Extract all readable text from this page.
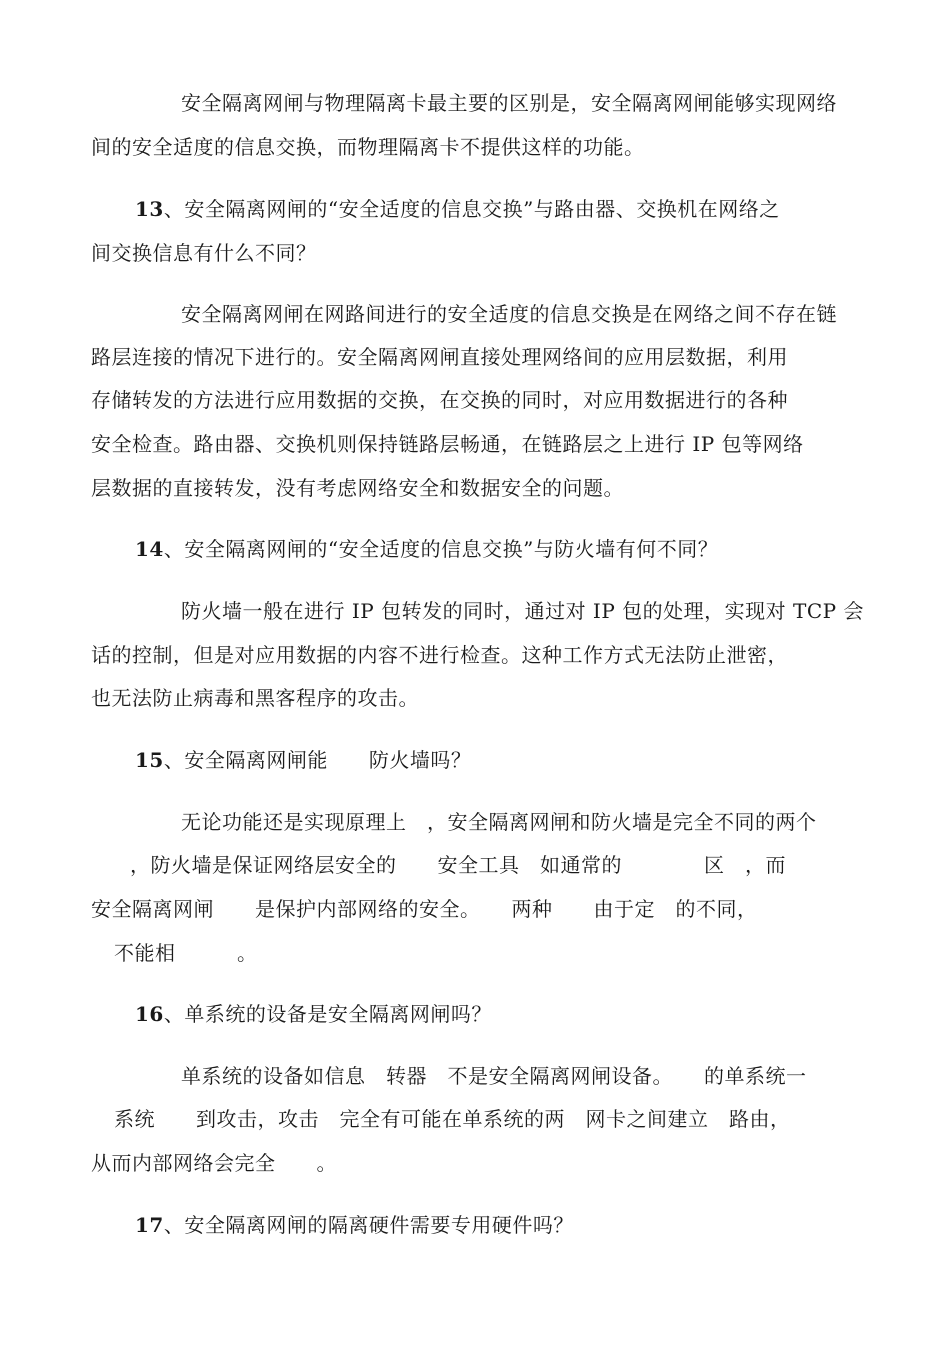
安全隔离网闸与物理隔离卡最主要的区别是，安全隔离网闸能够实现网络
间的安全适度的信息交换，而物理隔离卡不提供这样的功能。
13、安全隔离网闸的“安全适度的信息交换”与路由器、交换机在网络之
间交换信息有什么不同？
安全隔离网闸在网路间进行的安全适度的信息交换是在网络之间不存在链
路层连接的情况下进行的。安全隔离网闸直接处理网络间的应用层数据，利用
存储转发的方法进行应用数据的交换，在交换的同时，对应用数据进行的各种
安全检查。路由器、交换机则保持链路层畅通，在链路层之上进行 IP 包等网络
层数据的直接转发，没有考虑网络安全和数据安全的问题。
14、安全隔离网闸的“安全适度的信息交换”与防火墙有何不同？
防火墙一般在进行 IP 包转发的同时，通过对 IP 包的处理，实现对 TCP 会
话的控制，但是对应用数据的内容不进行检查。这种工作方式无法防止泄密，
也无法防止病毒和黑客程序的攻击。
15、安全隔离网闸能　　防火墙吗？
无论功能还是实现原理上　，安全隔离网闸和防火墙是完全不同的两个
，防火墙是保证网络层安全的　　安全工具　如通常的　　　　区　，而
安全隔离网闸　　是保护内部网络的安全。　　两种　　由于定　的不同，
不能相　　　。
16、单系统的设备是安全隔离网闸吗？
单系统的设备如信息　转器　不是安全隔离网闸设备。　　的单系统一
系统　　到攻击，攻击　完全有可能在单系统的两　网卡之间建立　路由，
从而内部网络会完全　　。
17、安全隔离网闸的隔离硬件需要专用硬件吗？
